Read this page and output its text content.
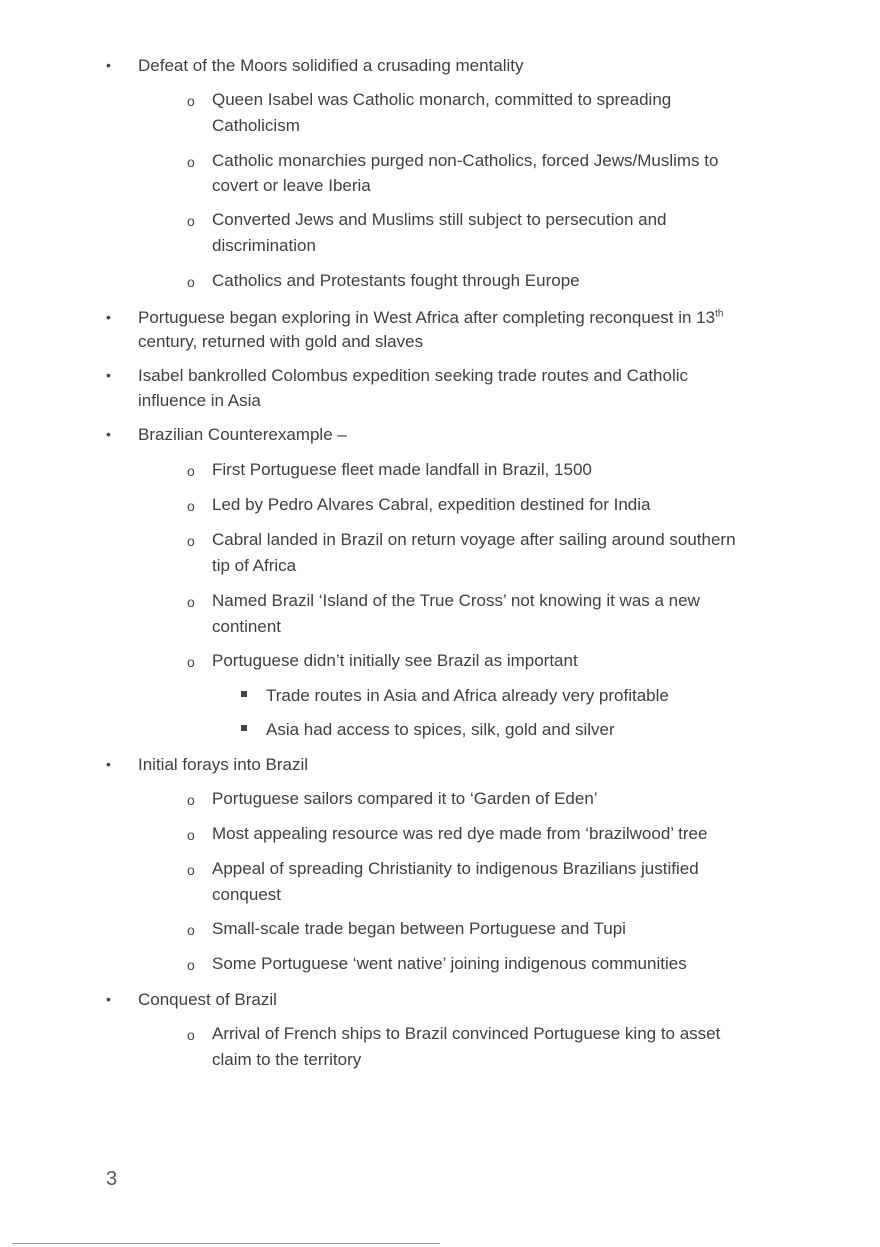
• Defeat of the Moors solidified a crusading mentality
o Queen Isabel was Catholic monarch, committed to spreading
Catholicism
o Catholic monarchies purged non-Catholics, forced Jews/Muslims to
covert or leave Iberia
o Converted Jews and Muslims still subject to persecution and
discrimination
o Catholics and Protestants fought through Europe
• Portuguese began exploring in West Africa after completing reconquest in 13th
century, returned with gold and slaves
• Isabel bankrolled Colombus expedition seeking trade routes and Catholic
influence in Asia
• Brazilian Counterexample –
o First Portuguese fleet made landfall in Brazil, 1500
o Led by Pedro Alvares Cabral, expedition destined for India
o Cabral landed in Brazil on return voyage after sailing around southern
tip of Africa
o Named Brazil ‘Island of the True Cross’ not knowing it was a new
continent
o Portuguese didn’t initially see Brazil as important
Trade routes in Asia and Africa already very profitable
Asia had access to spices, silk, gold and silver
• Initial forays into Brazil
o Portuguese sailors compared it to ‘Garden of Eden’
o Most appealing resource was red dye made from ‘brazilwood’ tree
o Appeal of spreading Christianity to indigenous Brazilians justified
conquest
o Small-scale trade began between Portuguese and Tupi
o Some Portuguese ‘went native’ joining indigenous communities
• Conquest of Brazil
o Arrival of French ships to Brazil convinced Portuguese king to asset
claim to the territory
3
